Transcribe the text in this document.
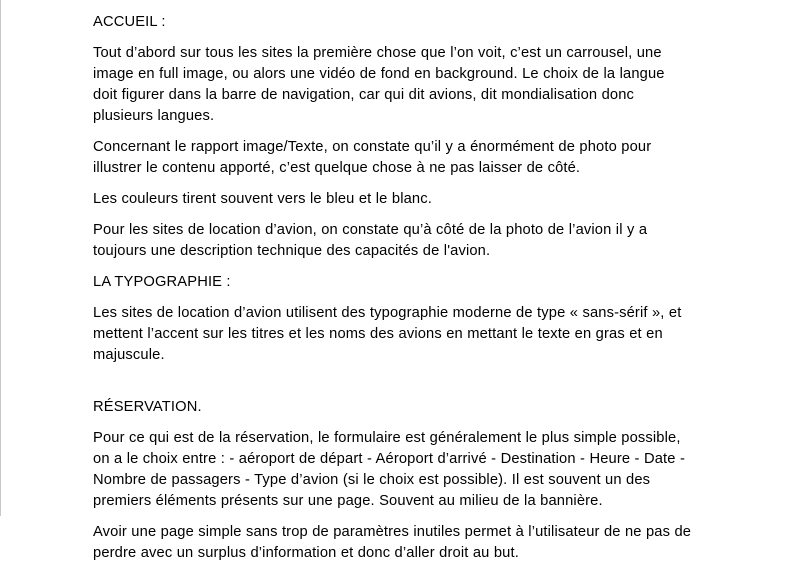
ACCUEIL :

Tout d’abord sur tous les sites la première chose que l’on voit, c’est un carrousel, une image en full image, ou alors une vidéo de fond en background. Le choix de la langue doit figurer dans la barre de navigation, car qui dit avions, dit mondialisation donc plusieurs langues.

Concernant le rapport image/Texte, on constate qu’il y a énormément de photo pour illustrer le contenu apporté, c’est quelque chose à ne pas laisser de côté.

Les couleurs tirent souvent vers le bleu et le blanc.

Pour les sites de location d’avion, on constate qu’à côté de la photo de l’avion il y a toujours une description technique des capacités de l'avion.

LA TYPOGRAPHIE :

Les sites de location d’avion utilisent des typographie moderne de type « sans-sérif », et mettent l’accent sur les titres et les noms des avions en mettant le texte en gras et en majuscule.

RÉSERVATION.

Pour ce qui est de la réservation, le formulaire est généralement le plus simple possible, on a le choix entre : - aéroport de départ - Aéroport d’arrivé - Destination - Heure - Date - Nombre de passagers - Type d’avion (si le choix est possible). Il est souvent un des premiers éléments présents sur une page. Souvent au milieu de la bannière.

Avoir une page simple sans trop de paramètres inutiles permet à l’utilisateur de ne pas de perdre avec un surplus d’information et donc d’aller droit au but.
